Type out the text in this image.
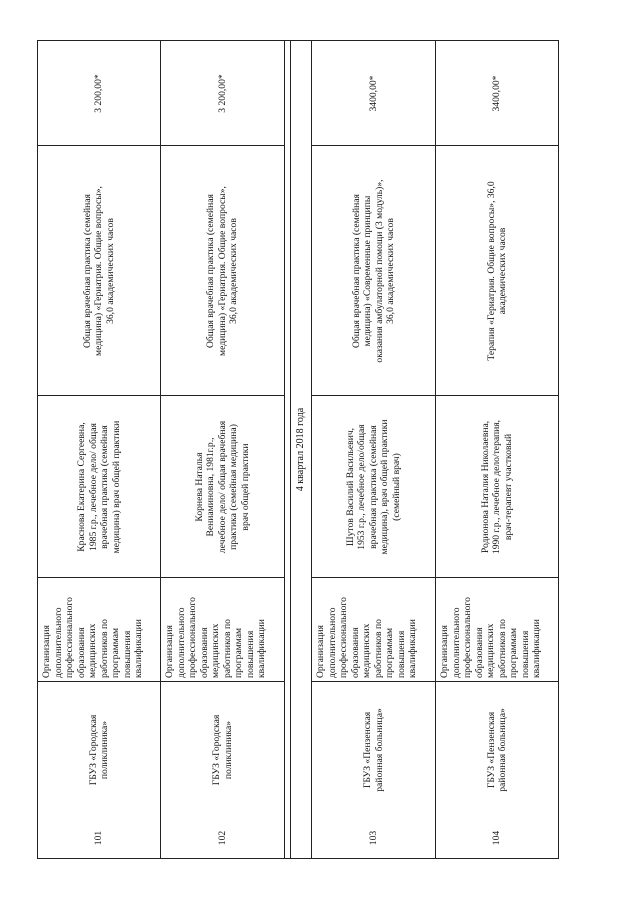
101
ГБУЗ «Городская
поликлиника»
Организация
дополнительного
профессионального
образования
медицинских
работников по
программам
повышения
квалификации
Краснова Екатерина Сергеевна,
1985 г.р., лечебное дело/ общая
врачебная практика (семейная
медицина) врач общей практики
Общая врачебная практика (семейная
медицина) «Гериатрия. Общие вопросы»,
36,0 академических часов
3 200,00*
102
ГБУЗ «Городская
поликлиника»
Организация
дополнительного
профессионального
образования
медицинских
работников по
программам
повышения
квалификации
Корнева Наталья
Вениаминовна, 1981г.р.,
лечебное дело/ общая врачебная
практика (семейная медицина)
врач общей практики
Общая врачебная практика (семейная
медицина) «Гериатрия. Общие вопросы»,
36,0 академических часов
3 200,00*
4 квартал 2018 года
103
ГБУЗ «Пензенская
районная больница»
Организация
дополнительного
профессионального
образования
медицинских
работников по
программам
повышения
квалификации
Шутов Василий Васильевич,
1953 г.р., лечебное дело/общая
врачебная практика (семейная
медицина), врач общей практики
(семейный врач)
Общая врачебная практика (семейная
медицина) «Современные принципы
оказания амбулаторной помощи (3 модуль)»,
36,0 академических часов
3400,00*
104
ГБУЗ «Пензенская
районная больница»
Организация
дополнительного
профессионального
образования
медицинских
работников по
программам
повышения
квалификации
Родионова Наталия Николаевна,
1990 г.р., лечебное дело/терапия,
врач-терапевт участковый
Терапия «Гериатрия. Общие вопросы», 36,0
академических часов
3400,00*
